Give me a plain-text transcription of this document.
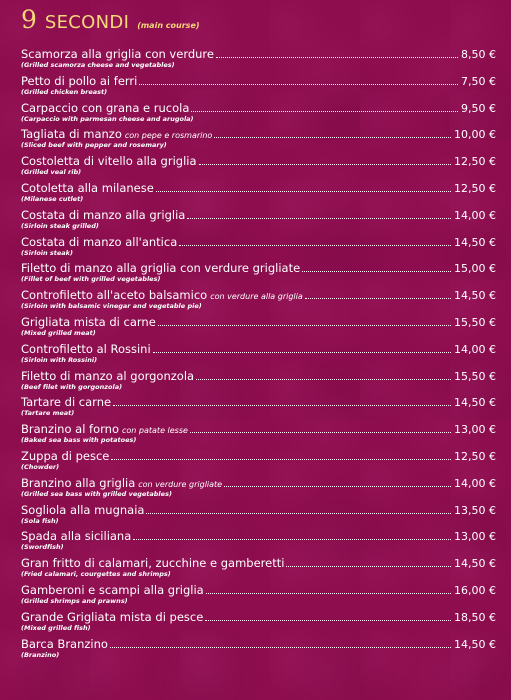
9 SECONDI (main course)
Scamorza alla griglia con verdure	8,50 €
(Grilled scamorza cheese and vegetables)
Petto di pollo ai ferri	7,50 €
(Grilled chicken breast)
Carpaccio con grana e rucola	9,50 €
(Carpaccio with parmesan cheese and arugola)
Tagliata di manzo con pepe e rosmarino	10,00 €
(Sliced beef with pepper and rosemary)
Costoletta di vitello alla griglia	12,50 €
(Grilled veal rib)
Cotoletta alla milanese	12,50 €
(Milanese cutlet)
Costata di manzo alla griglia	14,00 €
(Sirloin steak grilled)
Costata di manzo all'antica	14,50 €
(Sirloin steak)
Filetto di manzo alla griglia con verdure grigliate	15,00 €
(Fillet of beef with grilled vegetables)
Controfiletto all'aceto balsamico con verdure alla griglia	14,50 €
(Sirloin with balsamic vinegar and vegetable pie)
Grigliata mista di carne	15,50 €
(Mixed grilled meat)
Controfiletto al Rossini	14,00 €
(Sirloin with Rossini)
Filetto di manzo al gorgonzola	15,50 €
(Beef filet with gorgonzola)
Tartare di carne	14,50 €
(Tartare meat)
Branzino al forno con patate lesse	13,00 €
(Baked sea bass with potatoes)
Zuppa di pesce	12,50 €
(Chowder)
Branzino alla griglia con verdure grigliate	14,00 €
(Grilled sea bass with grilled vegetables)
Sogliola alla mugnaia	13,50 €
(Sola fish)
Spada alla siciliana	13,00 €
(Swordfish)
Gran fritto di calamari, zucchine e gamberetti	14,50 €
(Fried calamari, courgettes and shrimps)
Gamberoni e scampi alla griglia	16,00 €
(Grilled shrimps and prawns)
Grande Grigliata mista di pesce	18,50 €
(Mixed grilled fish)
Barca Branzino	14,50 €
(Branzino)
